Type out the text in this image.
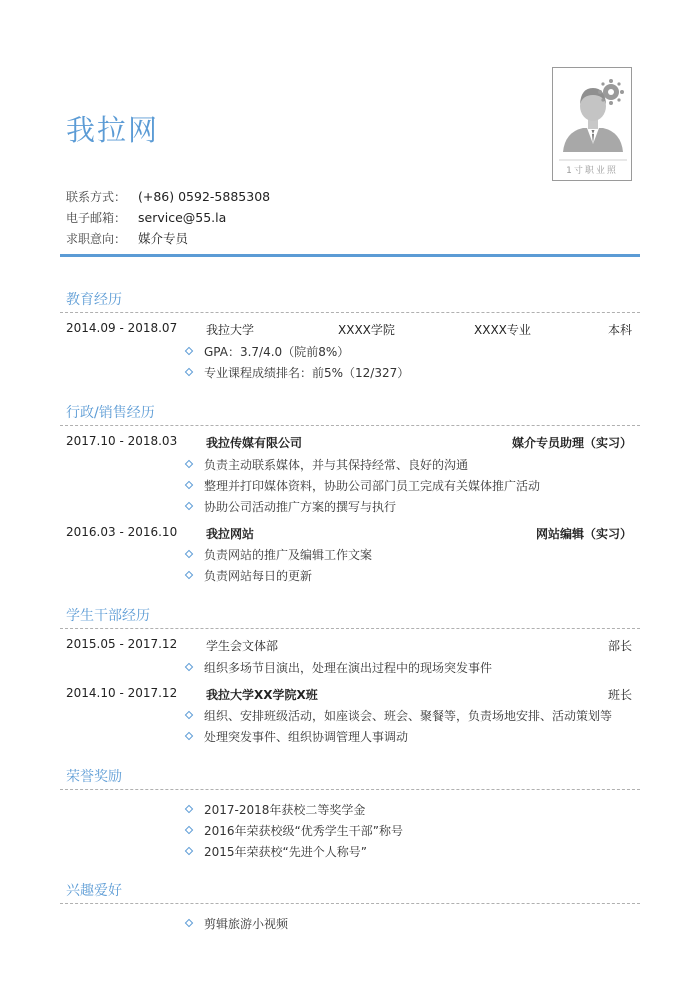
我拉网
1寸职业照
联系方式： (+86) 0592-5885308
电子邮箱： service@55.la
求职意向： 媒介专员
教育经历
2014.09 - 2018.07 我拉大学	XXXX学院	XXXX专业	本科
GPA：3.7/4.0（院前8%）
专业课程成绩排名：前5%（12/327）
行政/销售经历
2017.10 - 2018.03 我拉传媒有限公司	媒介专员助理（实习）
负责主动联系媒体，并与其保持经常、良好的沟通
整理并打印媒体资料，协助公司部门员工完成有关媒体推广活动
协助公司活动推广方案的撰写与执行
2016.03 - 2016.10 我拉网站	网站编辑（实习）
负责网站的推广及编辑工作文案
负责网站每日的更新
学生干部经历
2015.05 - 2017.12 学生会文体部	部长
组织多场节目演出，处理在演出过程中的现场突发事件
2014.10 - 2017.12 我拉大学XX学院X班	班长
组织、安排班级活动，如座谈会、班会、聚餐等，负责场地安排、活动策划等
处理突发事件、组织协调管理人事调动
荣誉奖励
2017-2018年获校二等奖学金
2016年荣获校级“优秀学生干部”称号
2015年荣获校“先进个人称号”
兴趣爱好
剪辑旅游小视频
